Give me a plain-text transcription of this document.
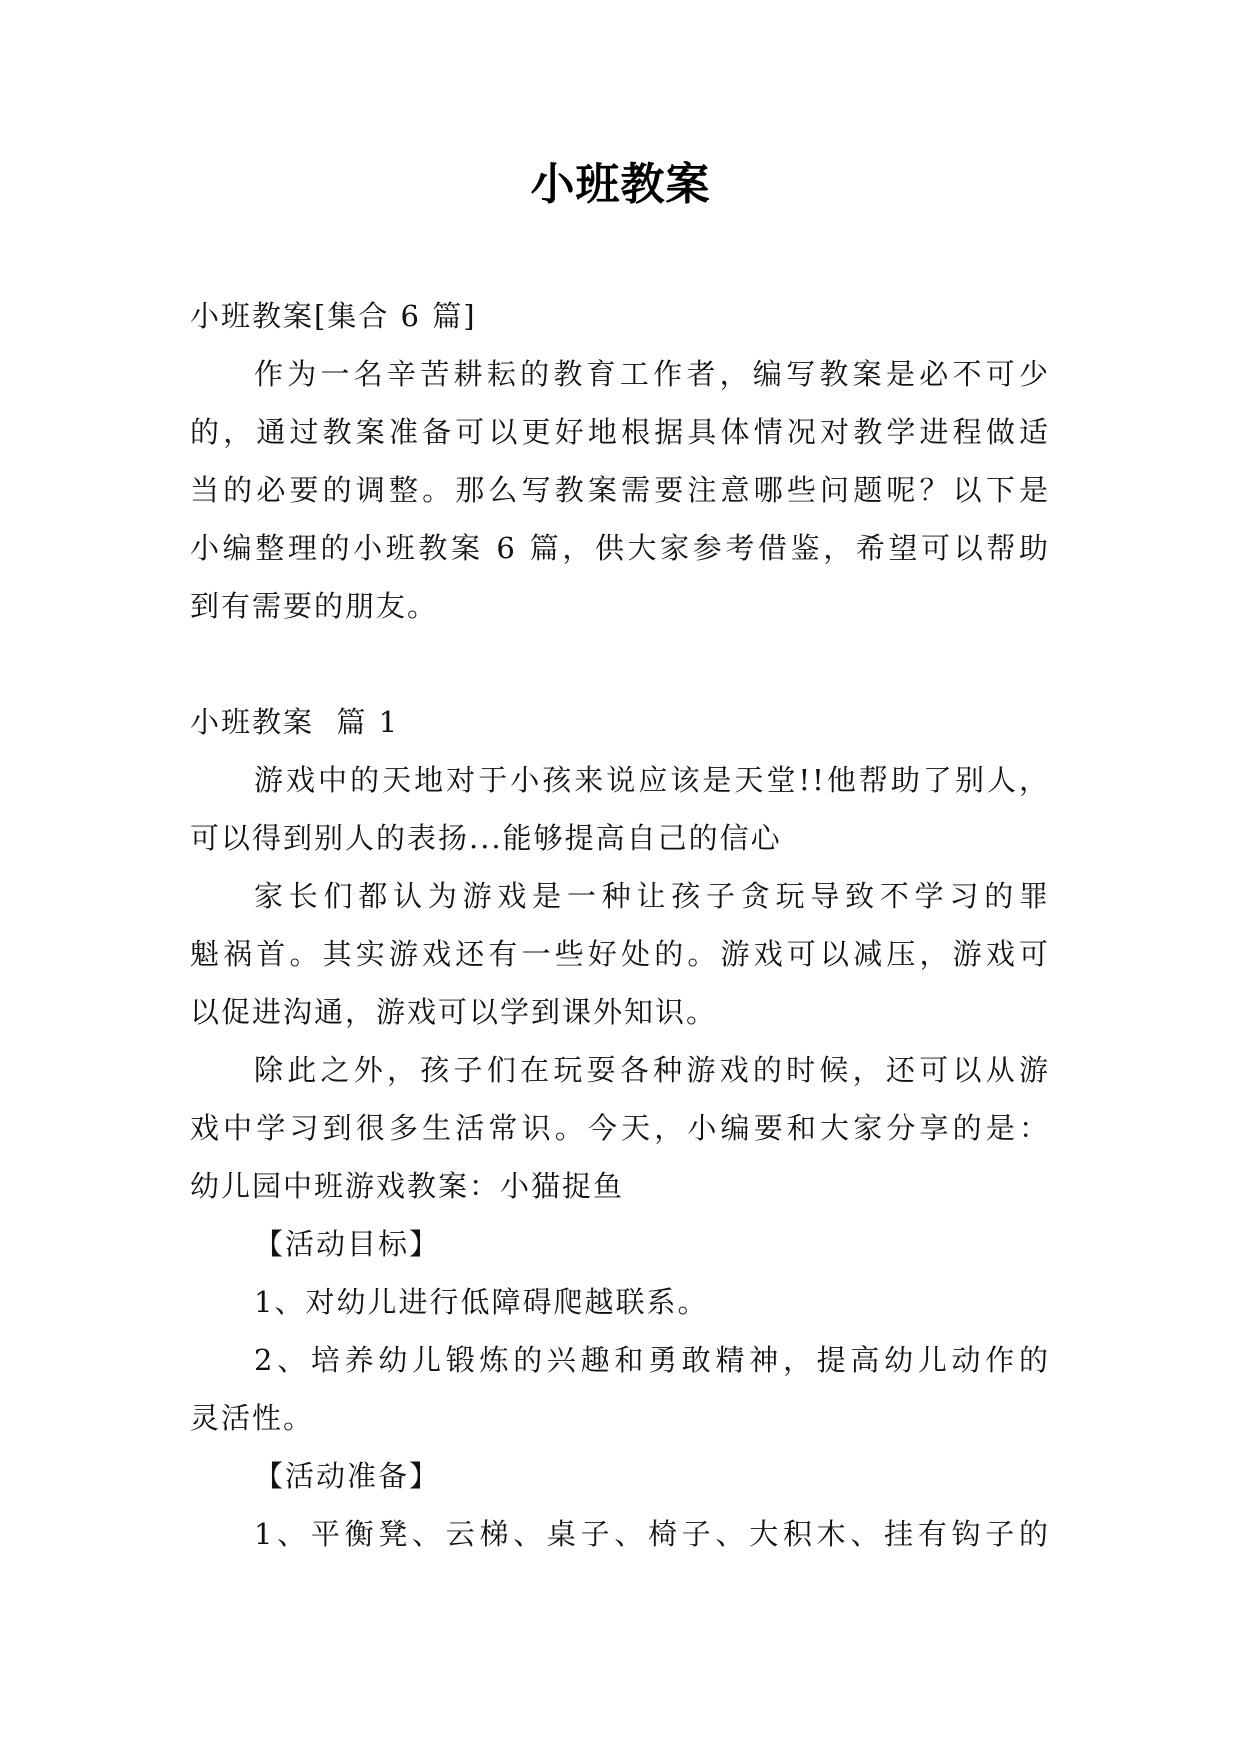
小班教案

小班教案[集合 6 篇]

作为一名辛苦耕耘的教育工作者，编写教案是必不可少

的，通过教案准备可以更好地根据具体情况对教学进程做适

当的必要的调整。那么写教案需要注意哪些问题呢？以下是

小编整理的小班教案 6 篇，供大家参考借鉴，希望可以帮助

到有需要的朋友。

小班教案  篇 1

游戏中的天地对于小孩来说应该是天堂!!他帮助了别人，

可以得到别人的表扬...能够提高自己的信心

家长们都认为游戏是一种让孩子贪玩导致不学习的罪

魁祸首。其实游戏还有一些好处的。游戏可以减压，游戏可

以促进沟通，游戏可以学到课外知识。

除此之外，孩子们在玩耍各种游戏的时候，还可以从游

戏中学习到很多生活常识。今天，小编要和大家分享的是：

幼儿园中班游戏教案：小猫捉鱼

【活动目标】

1、对幼儿进行低障碍爬越联系。

2、培养幼儿锻炼的兴趣和勇敢精神，提高幼儿动作的

灵活性。

【活动准备】

1、平衡凳、云梯、桌子、椅子、大积木、挂有钩子的
